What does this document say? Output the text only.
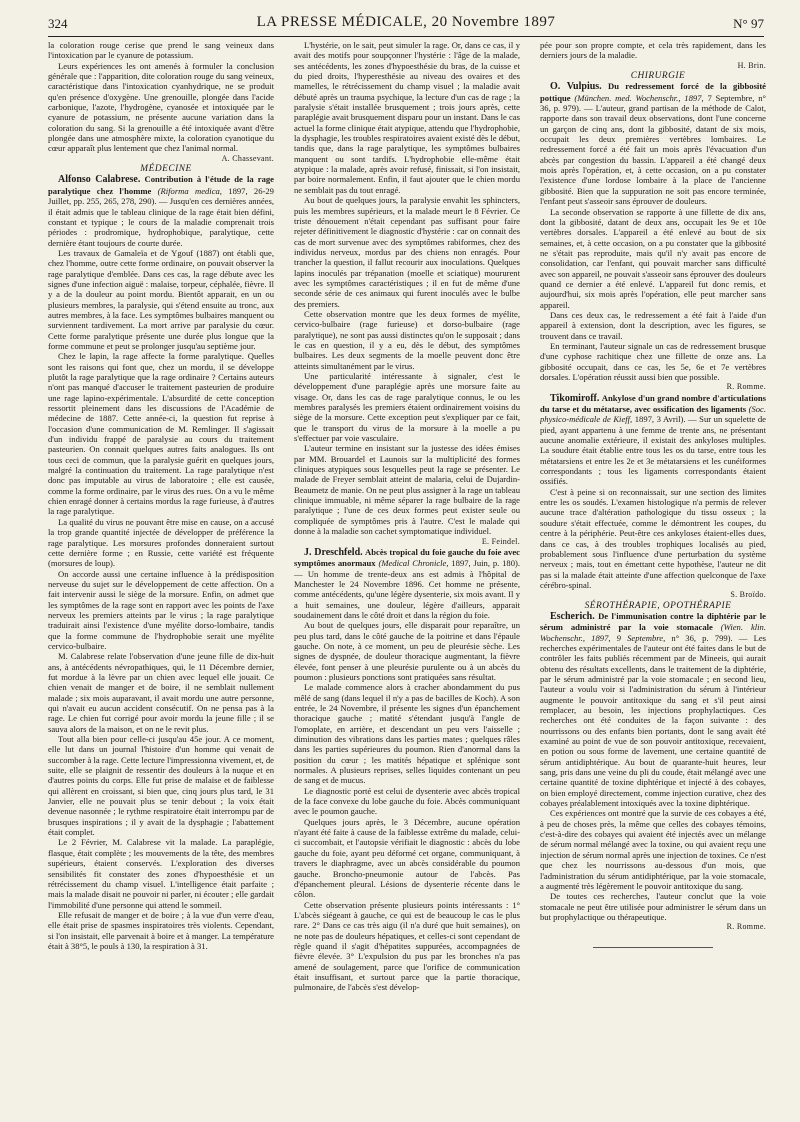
324	LA PRESSE MÉDICALE, 20 Novembre 1897	N° 97

la coloration rouge cerise que prend le sang veineux dans l'intoxication par le cyanure de potassium.

Leurs expériences les ont amenés à formuler la conclusion générale que : l'apparition, dite coloration rouge du sang veineux, caractéristique dans l'intoxication cyanhydrique, ne se produit qu'en présence d'oxygène. Une grenouille, plongée dans l'acide carbonique, l'azote, l'hydrogène, cyanosée et intoxiquée par le cyanure de potassium, ne présente aucune variation dans la coloration du sang. Si la grenouille a été intoxiquée avant d'être plongée dans une atmosphère mixte, la coloration cyanotique du cœur apparaît plus lentement que chez l'animal normal.

A. Chassevant.

MÉDECINE

Alfonso Calabrese. Contribution à l'étude de la rage paralytique chez l'homme (Riforma medica, 1897, 26-29 Juillet, pp. 255, 265, 278, 290). — Jusqu'en ces dernières années, il était admis que le tableau clinique de la rage était bien défini, constant et typique ; le cours de la maladie comprenait trois périodes : prodromique, hydrophobique, paralytique, cette dernière étant toujours de courte durée.

Les travaux de Gamaleïa et de Ygouf (1887) ont établi que, chez l'homme, outre cette forme ordinaire, on pouvait observer la rage paralytique d'emblée. Dans ces cas, la rage débute avec les signes d'une infection aiguë : malaise, torpeur, céphalée, fièvre. Il y a de la douleur au point mordu. Bientôt apparait, en un ou plusieurs membres, la paralysie, qui s'étend ensuite au tronc, aux autres membres, à la face. Les symptômes bulbaires manquent ou surviennent tardivement. La mort arrive par paralysie du cœur. Cette forme paralytique présente une durée plus longue que la forme commune et peut se prolonger jusqu'au septième jour.

Chez le lapin, la rage affecte la forme paralytique. Quelles sont les raisons qui font que, chez un mordu, il se développe plutôt la rage paralytique que la rage ordinaire ? Certains auteurs n'ont pas manqué d'accuser le traitement pasteurien de produire une rage lapino-expérimentale. L'absurdité de cette conception ressortit pleinement dans les discussions de l'Académie de médecine de 1887. Cette année-ci, la question fut reprise à l'occasion d'une communication de M. Remlinger. Il s'agissait d'un individu frappé de paralysie au cours du traitement pasteurien. On connait quelques autres faits analogues. Ils ont tous ceci de commun, que la paralysie guérit en quelques jours, malgré la continuation du traitement. La rage paralytique n'est donc pas imputable au virus de laboratoire ; elle est causée, comme la forme ordinaire, par le virus des rues. On a vu le même chien enragé donner à certains mordus la rage furieuse, à d'autres la rage paralytique.

La qualité du virus ne pouvant être mise en cause, on a accusé la trop grande quantité injectée de développer de préférence la rage paralytique. Les morsures profondes donneraient surtout cette dernière forme ; en Russie, cette variété est fréquente (morsures de loup).

On accorde aussi une certaine influence à la prédisposition nerveuse du sujet sur le développement de cette affection. On a fait intervenir aussi le siège de la morsure. Enfin, on admet que les symptômes de la rage sont en rapport avec les points de l'axe nerveux les premiers atteints par le virus ; la rage paralytique traduirait ainsi l'existence d'une myélite dorso-lombaire, tandis que la forme commune de l'hydrophobie serait une myélite cervico-bulbaire.

M. Calabrese relate l'observation d'une jeune fille de dix-huit ans, à antécédents névropathiques, qui, le 11 Décembre dernier, fut mordue à la lèvre par un chien avec lequel elle jouait. Ce chien venait de manger et de boire, il ne semblait nullement malade ; six mois auparavant, il avait mordu une autre personne, qui n'avait eu aucun accident consécutif. On ne pensa pas à la rage. Le chien fut corrigé pour avoir mordu la jeune fille ; il se sauva alors de la maison, et on ne le revit plus.

Tout alla bien pour celle-ci jusqu'au 45e jour. A ce moment, elle lut dans un journal l'histoire d'un homme qui venait de succomber à la rage. Cette lecture l'impressionna vivement, et, de suite, elle se plaignit de ressentir des douleurs à la nuque et en d'autres points du corps. Elle fut prise de malaise et de faiblesse qui allèrent en croissant, si bien que, cinq jours plus tard, le 31 Janvier, elle ne pouvait plus se tenir debout ; la voix était devenue nasonnée ; le rythme respiratoire était interrompu par de brusques inspirations ; il y avait de la dysphagie ; l'abattement était complet.

Le 2 Février, M. Calabrese vit la malade. La paraplégie, flasque, était complète ; les mouvements de la tête, des membres supérieurs, étaient conservés. L'exploration des diverses sensibilités fit constater des zones d'hypoesthésie et un rétrécissement du champ visuel. L'intelligence était parfaite ; mais la malade disait ne pouvoir ni parler, ni écouter ; elle gardait l'immobilité d'une personne qui attend le sommeil.

Elle refusait de manger et de boire ; à la vue d'un verre d'eau, elle était prise de spasmes inspiratoires très violents. Cependant, si l'on insistait, elle parvenait à boire et à manger. La température était à 38°5, le pouls à 130, la respiration à 31.

L'hystérie, on le sait, peut simuler la rage. Or, dans ce cas, il y avait des motifs pour soupçonner l'hystérie : l'âge de la malade, ses antécédents, les zones d'hypoesthésie du bras, de la cuisse et du pied droits, l'hyperesthésie au niveau des ovaires et des mamelles, le rétrécissement du champ visuel ; la maladie avait débuté après un trauma psychique, la lecture d'un cas de rage ; la paralysie s'était installée brusquement ; trois jours après, cette paraplégie avait brusquement disparu pour un instant. Dans le cas actuel la forme clinique était atypique, attendu que l'hydrophobie, la dysphagie, les troubles respiratoires avaient existé dès le début, tandis que, dans la rage paralytique, les symptômes bulbaires manquent ou sont tardifs. L'hydrophobie elle-même était atypique : la malade, après avoir refusé, finissait, si l'on insistait, par boire normalement. Enfin, il faut ajouter que le chien mordu ne semblait pas du tout enragé.

Au bout de quelques jours, la paralysie envahit les sphincters, puis les membres supérieurs, et la malade meurt le 8 Février. Ce triste dénouement n'était cependant pas suffisant pour faire rejeter définitivement le diagnostic d'hystérie : car on connait des cas de mort survenue avec des symptômes rabiformes, chez des individus nerveux, mordus par des chiens non enragés. Pour trancher la question, il fallut recourir aux inoculations. Quelques lapins inoculés par trépanation (moelle et sciatique) moururent avec les symptômes caractéristiques ; il en fut de même d'une seconde série de ces animaux qui furent inoculés avec le bulbe des premiers.

Cette observation montre que les deux formes de myélite, cervico-bulbaire (rage furieuse) et dorso-bulbaire (rage paralytique), ne sont pas aussi distinctes qu'on le supposait ; dans le cas en question, il y a eu, dès le début, des symptômes bulbaires. Les deux segments de la moelle peuvent donc être atteints simultanément par le virus.

Une particularité intéressante à signaler, c'est le développement d'une paraplégie après une morsure faite au visage. Or, dans les cas de rage paralytique connus, le ou les membres paralysés les premiers étaient ordinairement voisins du siège de la morsure. Cette exception peut s'expliquer par ce fait, que le transport du virus de la morsure à la moelle a pu s'effectuer par voie vasculaire.

L'auteur termine en insistant sur la justesse des idées émises par MM. Brouardel et Launois sur la multiplicité des formes cliniques atypiques sous lesquelles peut la rage se présenter. Le malade de Freyer semblait atteint de malaria, celui de Dujardin-Beaumetz de manie. On ne peut plus assigner à la rage un tableau clinique immuable, ni même séparer la rage bulbaire de la rage paralytique ; l'une de ces deux formes peut exister seule ou compliquée de symptômes pris à l'autre. C'est le malade qui donne à la maladie son cachet symptomatique individuel.

E. Feindel.

J. Dreschfeld. Abcès tropical du foie gauche du foie avec symptômes anormaux (Medical Chronicle, 1897, Juin, p. 180). — Un homme de trente-deux ans est admis à l'hôpital de Manchester le 24 Novembre 1896. Cet homme ne présente, comme antécédents, qu'une légère dysenterie, six mois avant. Il y a huit semaines, une douleur, légère d'ailleurs, apparait soudainement dans le côté droit et dans la région du foie.

Au bout de quelques jours, elle disparait pour reparaître, un peu plus tard, dans le côté gauche de la poitrine et dans l'épaule gauche. On note, à ce moment, un peu de pleurésie sèche. Les signes de dyspnée, de douleur thoracique augmentant, la fièvre élevée, font penser à une pleurésie purulente ou à un abcès du poumon : plusieurs ponctions sont pratiquées sans résultat.

Le malade commence alors à cracher abondamment du pus mêlé de sang (dans lequel il n'y a pas de bacilles de Koch). A son entrée, le 24 Novembre, il présente les signes d'un épanchement thoracique gauche ; matité s'étendant jusqu'à l'angle de l'omoplate, en arrière, et descendant un peu vers l'aisselle ; diminution des vibrations dans les parties mates ; quelques râles dans les parties supérieures du poumon. Rien d'anormal dans la position du cœur ; les matités hépatique et splénique sont normales. A plusieurs reprises, selles liquides contenant un peu de sang et de mucus.

Le diagnostic porté est celui de dysenterie avec abcès tropical de la face convexe du lobe gauche du foie. Abcès communiquant avec le poumon gauche.

Quelques jours après, le 3 Décembre, aucune opération n'ayant été faite à cause de la faiblesse extrême du malade, celui-ci succombait, et l'autopsie vérifiait le diagnostic : abcès du lobe gauche du foie, ayant peu déformé cet organe, communiquant, à travers le diaphragme, avec un abcès considérable du poumon gauche. Broncho-pneumonie autour de l'abcès. Pas d'épanchement pleural. Lésions de dysenterie récente dans le côlon.

Cette observation présente plusieurs points intéressants : 1° L'abcès siégeant à gauche, ce qui est de beaucoup le cas le plus rare. 2° Dans ce cas très aigu (il n'a duré que huit semaines), on ne note pas de douleurs hépatiques, et celles-ci sont cependant de règle quand il s'agit d'hépatites suppurées, accompagnées de fièvre élevée. 3° L'expulsion du pus par les bronches n'a pas amené de soulagement, parce que l'orifice de communication était insuffisant, et surtout parce que la partie thoracique, pulmonaire, de l'abcès s'est dévelop-

pée pour son propre compte, et cela très rapidement, dans les derniers jours de la maladie.

H. Brin.

CHIRURGIE

O. Vulpius. Du redressement forcé de la gibbosité pottique (München. med. Wochenschr., 1897, 7 Septembre, n° 36, p. 979). — L'auteur, grand partisan de la méthode de Calot, rapporte dans son travail deux observations, dont l'une concerne un garçon de cinq ans, dont la gibbosité, datant de six mois, occupait les deux premières vertèbres lombaires. Le redressement forcé a été fait un mois après l'évacuation d'un abcès par congestion du bassin. L'appareil a été changé deux mois après l'opération, et, à cette occasion, on a pu constater l'existence d'une lordose lombaire à la place de l'ancienne gibbosité. Bien que la suppuration ne soit pas encore terminée, l'enfant peut s'asseoir sans éprouver de douleurs.

La seconde observation se rapporte à une fillette de dix ans, dont la gibbosité, datant de deux ans, occupait les 9e et 10e vertèbres dorsales. L'appareil a été enlevé au bout de six semaines, et, à cette occasion, on a pu constater que la gibbosité ne s'était pas reproduite, mais qu'il n'y avait pas encore de consolidation, car l'enfant, qui pouvait marcher sans difficulté avec son appareil, ne pouvait s'asseoir sans éprouver des douleurs quand ce dernier a été enlevé. L'appareil fut donc remis, et aujourd'hui, six mois après l'opération, elle peut marcher sans appareil.

Dans ces deux cas, le redressement a été fait à l'aide d'un appareil à extension, dont la description, avec les figures, se trouvent dans ce travail.

En terminant, l'auteur signale un cas de redressement brusque d'une cyphose rachitique chez une fillette de onze ans. La gibbosité occupait, dans ce cas, les 5e, 6e et 7e vertèbres dorsales. L'opération réussit aussi bien que possible.

R. Romme.

Tikomiroff. Ankylose d'un grand nombre d'articulations du tarse et du métatarse, avec ossification des ligaments (Soc. physico-médicale de Kieff, 1897, 3 Avril). — Sur un squelette de pied, ayant appartenu à une femme de trente ans, ne présentant aucune anomalie extérieure, il existait des ankyloses multiples. La soudure était établie entre tous les os du tarse, entre tous les métatarsiens et entre les 2e et 3e métatarsiens et les cunéiformes correspondants ; tous les ligaments correspondants étaient ossifiés.

C'est à peine si on reconnaissait, sur une section des limites entre les os soudés. L'examen histologique n'a permis de relever aucune trace d'altération pathologique du tissu osseux ; la soudure s'était effectuée, comme le démontrent les coupes, du centre à la périphérie. Peut-être ces ankyloses étaient-elles dues, dans ce cas, à des troubles trophiques localisés au pied, probablement sous l'influence d'une perturbation du système nerveux ; mais, tout en émettant cette hypothèse, l'auteur ne dit pas si la malade était atteinte d'une affection quelconque de l'axe cérébro-spinal.

S. Broïdo.

SÉROTHÉRAPIE, OPOTHÉRAPIE

Escherich. De l'immunisation contre la diphtérie par le sérum administré par la voie stomacale (Wien. klin. Wochenschr., 1897, 9 Septembre, n° 36, p. 799). — Les recherches expérimentales de l'auteur ont été faites dans le but de contrôler les faits publiés récemment par de Mineeis, qui aurait obtenu des résultats excellents, dans le traitement de la diphtérie, par le sérum administré par la voie stomacale ; en second lieu, l'auteur a voulu voir si l'administration du sérum à l'intérieur augmente le pouvoir antitoxique du sang et s'il peut ainsi remplacer, au besoin, les injections prophylactiques. Ces recherches ont été conduites de la façon suivante : des nourrissons ou des enfants bien portants, dont le sang avait été examiné au point de vue de son pouvoir antitoxique, recevaient, en potion ou sous forme de lavement, une certaine quantité de sérum antidiphtérique. Au bout de quarante-huit heures, leur sang, pris dans une veine du pli du coude, était mélangé avec une certaine quantité de toxine diphtérique et injecté à des cobayes, on bien employé directement, comme injection curative, chez des cobayes préalablement intoxiqués avec la toxine diphtérique.

Ces expériences ont montré que la survie de ces cobayes a été, à peu de choses près, la même que celles des cobayes témoins, c'est-à-dire des cobayes qui avaient été injectés avec un mélange de sérum normal mélangé avec la toxine, ou qui avaient reçu une injection de sérum normal après une injection de toxines. Ce n'est que chez les nourrissons au-dessous d'un mois, que l'administration du sérum antidiphtérique, par la voie stomacale, a augmenté très légèrement le pouvoir antitoxique du sang.

De toutes ces recherches, l'auteur conclut que la voie stomacale ne peut être utilisée pour administrer le sérum dans un but prophylactique ou thérapeutique.

R. Romme.
